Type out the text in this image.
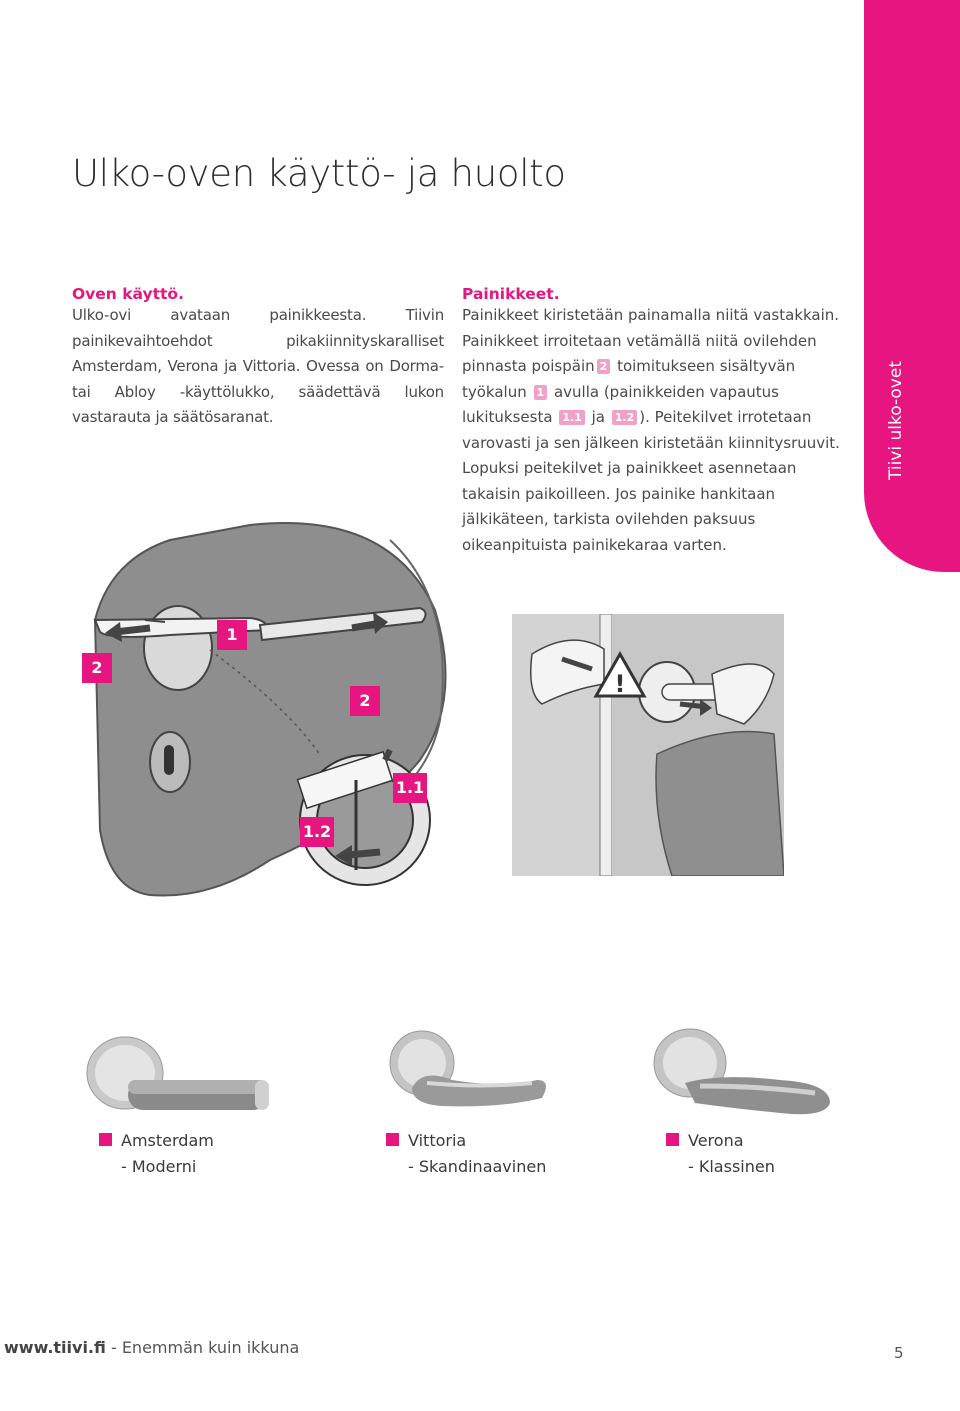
Tiivi ulko-ovet
Ulko-oven käyttö- ja huolto
Oven käyttö.
Ulko-ovi avataan painikkeesta. Tiivin painikevaihtoehdot pikakiinnityskaralliset Amsterdam, Verona ja Vittoria. Ovessa on Dorma- tai Abloy -käyttölukko, säädettävä lukon vastarauta ja säätösaranat.
Painikkeet.
Painikkeet kiristetään painamalla niitä vastakkain. Painikkeet irroitetaan vetämällä niitä ovilehden pinnasta poispäin 2 toimitukseen sisältyvän työkalun 1 avulla (painikkeiden vapautus lukituksesta 1.1 ja 1.2 ). Peitekilvet irrotetaan varovasti ja sen jälkeen kiristetään kiinnitysruuvit. Lopuksi peitekilvet ja painikkeet asennetaan takaisin paikoilleen. Jos painike hankitaan jälkikäteen, tarkista ovilehden paksuus oikeanpituista painikekaraa varten.
2
1
2
1.1
1.2
!
Amsterdam
- Moderni
Vittoria
- Skandinaavinen
Verona
- Klassinen
www.tiivi.fi - Enemmän kuin ikkuna	5
